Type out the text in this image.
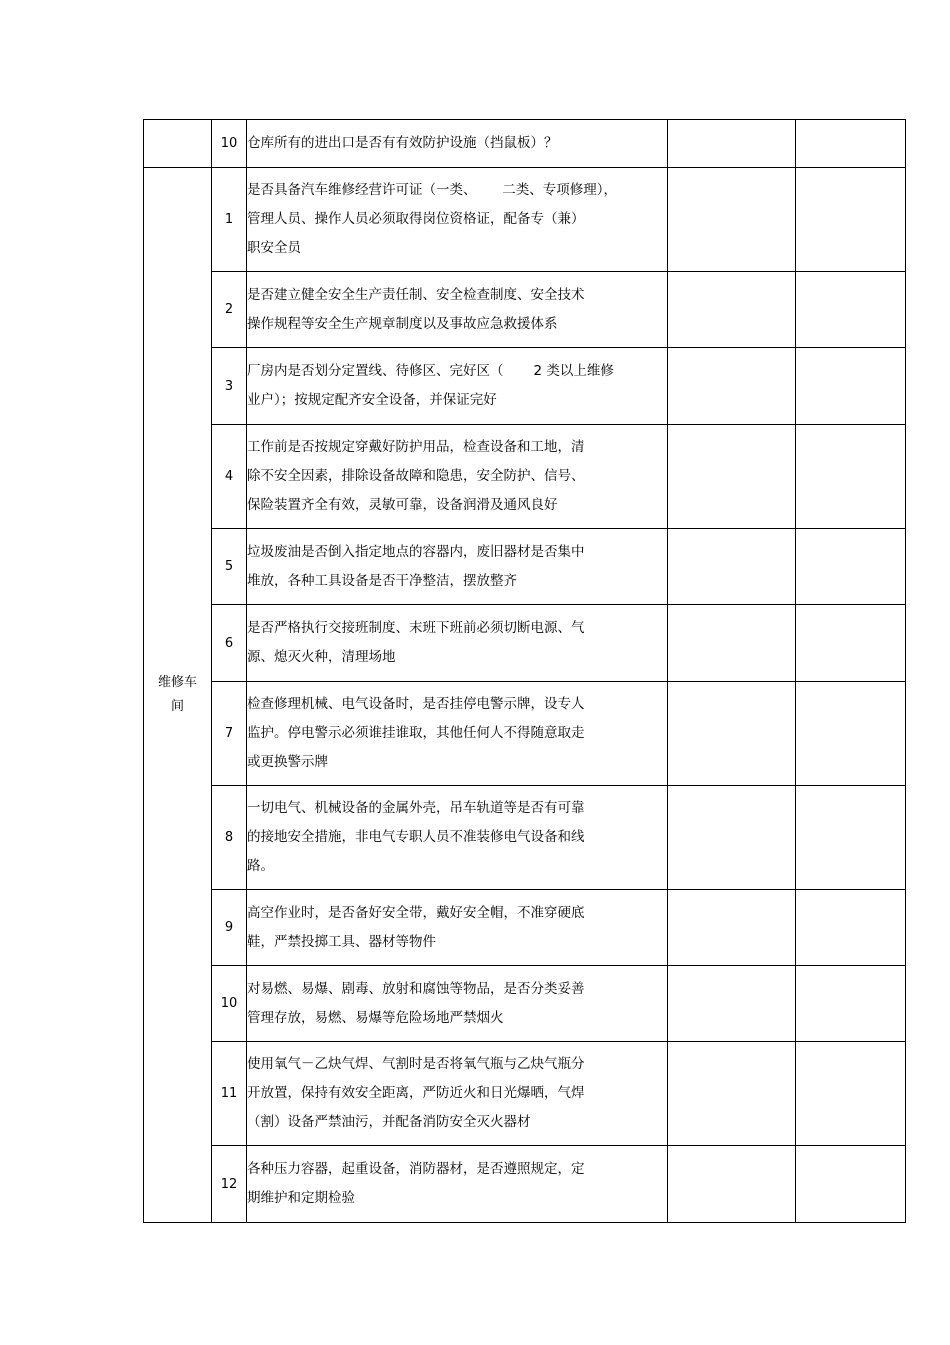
	10	仓库所有的进出口是否有有效防护设施（挡鼠板）？		

维修车
间	1	是否具备汽车维修经营许可证（一类、      二类、专项修理），
管理人员、操作人员必须取得岗位资格证，配备专（兼）
职安全员		

	2	是否建立健全安全生产责任制、安全检查制度、安全技术
操作规程等安全生产规章制度以及事故应急救援体系		

	3	厂房内是否划分定置线、待修区、完好区（       2 类以上维修
业户）；按规定配齐安全设备，并保证完好		

	4	工作前是否按规定穿戴好防护用品，检查设备和工地，清
除不安全因素，排除设备故障和隐患，安全防护、信号、
保险装置齐全有效，灵敏可靠，设备润滑及通风良好		

	5	垃圾废油是否倒入指定地点的容器内，废旧器材是否集中
堆放，各种工具设备是否干净整洁，摆放整齐		

	6	是否严格执行交接班制度、末班下班前必须切断电源、气
源、熄灭火种，清理场地		

	7	检查修理机械、电气设备时，是否挂停电警示牌，设专人
监护。停电警示必须谁挂谁取，其他任何人不得随意取走
或更换警示牌		

	8	一切电气、机械设备的金属外壳，吊车轨道等是否有可靠
的接地安全措施，非电气专职人员不准装修电气设备和线
路。		

	9	高空作业时，是否备好安全带，戴好安全帽，不准穿硬底
鞋，严禁投掷工具、器材等物件		

	10	对易燃、易爆、剧毒、放射和腐蚀等物品，是否分类妥善
管理存放，易燃、易爆等危险场地严禁烟火		

	11	使用氧气－乙炔气焊、气割时是否将氧气瓶与乙炔气瓶分
开放置，保持有效安全距离，严防近火和日光爆晒，气焊
（割）设备严禁油污，并配备消防安全灭火器材		

	12	各种压力容器，起重设备，消防器材，是否遵照规定，定
期维护和定期检验		
